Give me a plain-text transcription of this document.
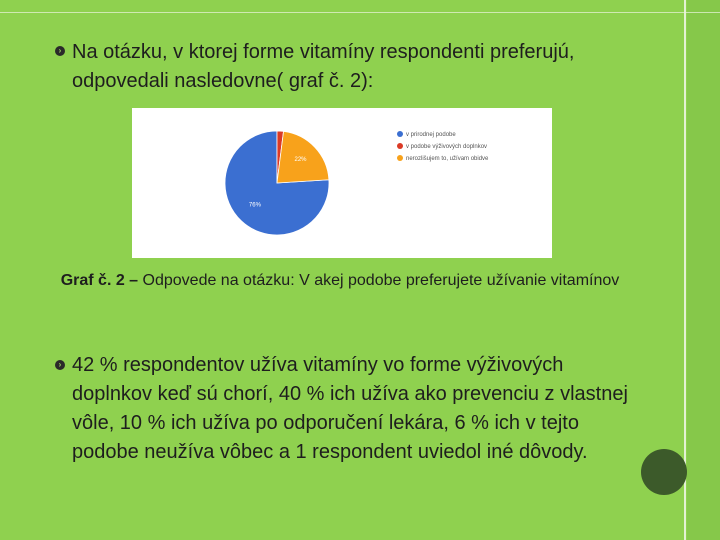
› Na otázku, v ktorej forme vitamíny respondenti preferujú, odpovedali nasledovne( graf č. 2):
76%
22%
v prirodnej podobe
v podobe výživových doplnkov
nerozlišujem to, užívam obidve
Graf č. 2 – Odpovede na otázku: V akej podobe preferujete užívanie vitamínov
› 42 % respondentov užíva vitamíny vo forme výživových doplnkov keď sú chorí, 40 % ich užíva ako prevenciu z vlastnej vôle, 10 % ich užíva po odporučení lekára, 6 % ich v tejto podobe neužíva vôbec a 1 respondent uviedol iné dôvody.
